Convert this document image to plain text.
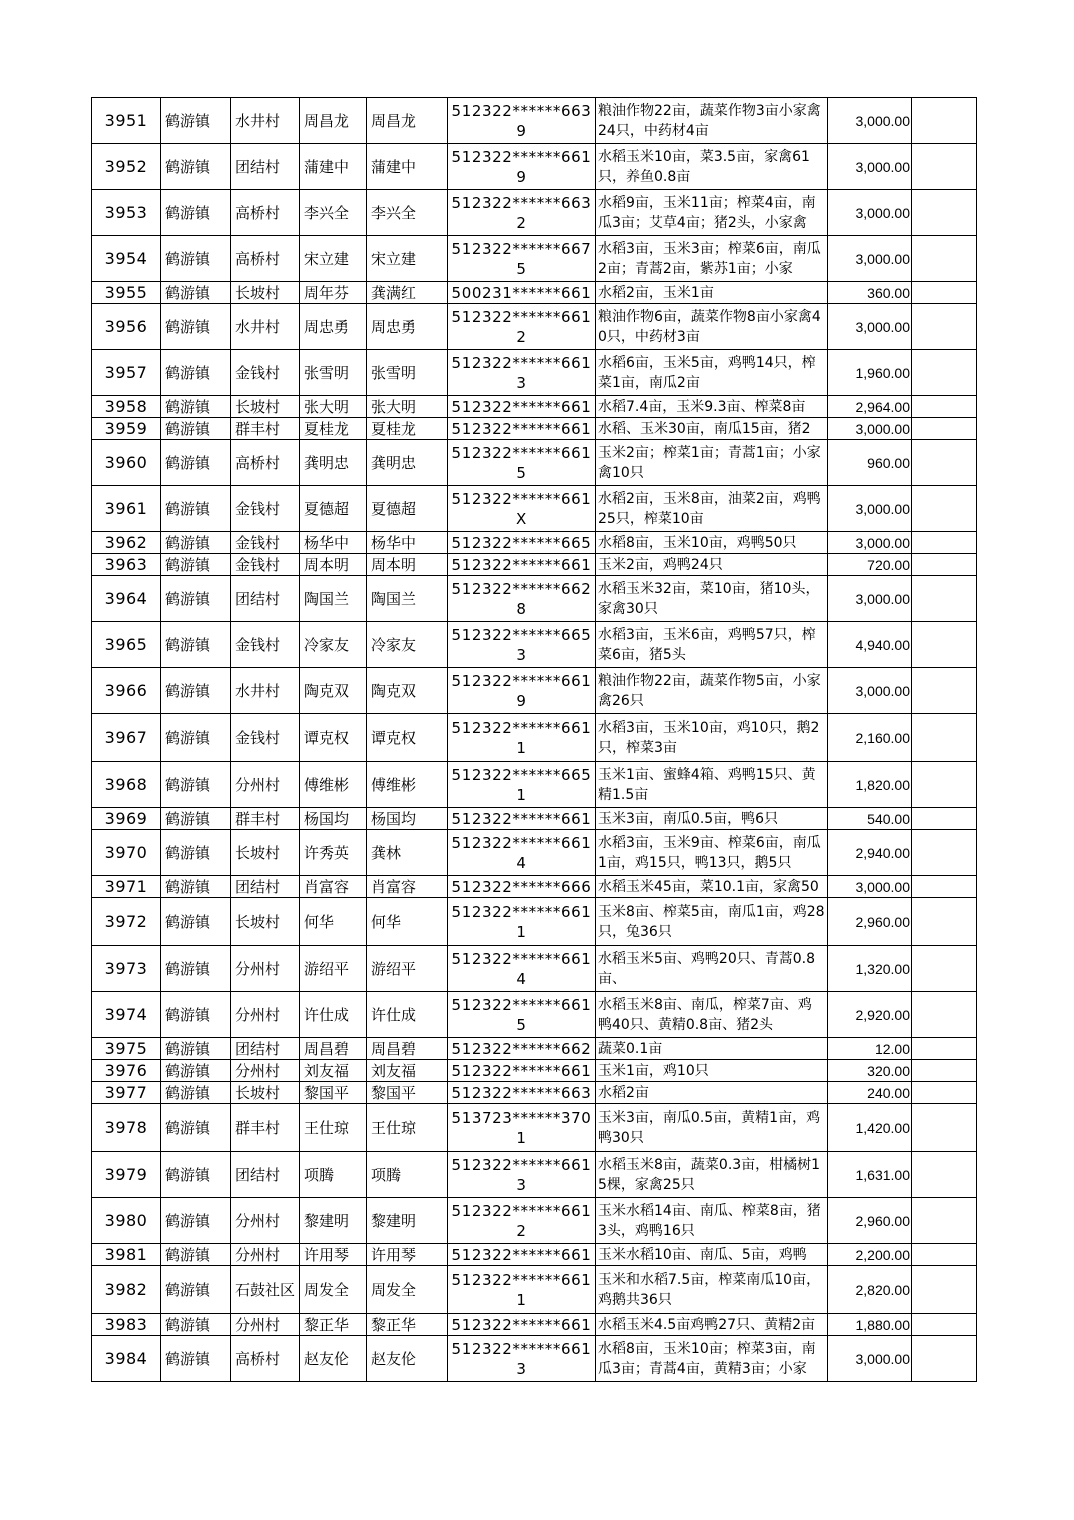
3951	鹤游镇	水井村	周昌龙	周昌龙	512322******6639	粮油作物22亩，蔬菜作物3亩小家禽24只，中药材4亩	3,000.00	
3952	鹤游镇	团结村	蒲建中	蒲建中	512322******6619	水稻玉米10亩，菜3.5亩，家禽61只，养鱼0.8亩	3,000.00	
3953	鹤游镇	高桥村	李兴全	李兴全	512322******6632	水稻9亩，玉米11亩；榨菜4亩，南瓜3亩；艾草4亩；猪2头，小家禽	3,000.00	
3954	鹤游镇	高桥村	宋立建	宋立建	512322******6675	水稻3亩，玉米3亩；榨菜6亩，南瓜2亩；青蒿2亩，紫苏1亩；小家	3,000.00	
3955	鹤游镇	长坡村	周年芬	龚满红	500231******661	水稻2亩，玉米1亩	360.00	
3956	鹤游镇	水井村	周忠勇	周忠勇	512322******6612	粮油作物6亩，蔬菜作物8亩小家禽40只，中药材3亩	3,000.00	
3957	鹤游镇	金钱村	张雪明	张雪明	512322******6613	水稻6亩，玉米5亩，鸡鸭14只，榨菜1亩，南瓜2亩	1,960.00	
3958	鹤游镇	长坡村	张大明	张大明	512322******661	水稻7.4亩，玉米9.3亩、榨菜8亩	2,964.00	
3959	鹤游镇	群丰村	夏桂龙	夏桂龙	512322******661	水稻、玉米30亩，南瓜15亩，猪2	3,000.00	
3960	鹤游镇	高桥村	龚明忠	龚明忠	512322******6615	玉米2亩；榨菜1亩；青蒿1亩；小家禽10只	960.00	
3961	鹤游镇	金钱村	夏德超	夏德超	512322******661X	水稻2亩，玉米8亩，油菜2亩，鸡鸭25只，榨菜10亩	3,000.00	
3962	鹤游镇	金钱村	杨华中	杨华中	512322******665	水稻8亩，玉米10亩，鸡鸭50只	3,000.00	
3963	鹤游镇	金钱村	周本明	周本明	512322******661	玉米2亩，鸡鸭24只	720.00	
3964	鹤游镇	团结村	陶国兰	陶国兰	512322******6628	水稻玉米32亩，菜10亩，猪10头，家禽30只	3,000.00	
3965	鹤游镇	金钱村	冷家友	冷家友	512322******6653	水稻3亩，玉米6亩，鸡鸭57只，榨菜6亩，猪5头	4,940.00	
3966	鹤游镇	水井村	陶克双	陶克双	512322******6619	粮油作物22亩，蔬菜作物5亩，小家禽26只	3,000.00	
3967	鹤游镇	金钱村	谭克权	谭克权	512322******6611	水稻3亩，玉米10亩，鸡10只，鹅2只，榨菜3亩	2,160.00	
3968	鹤游镇	分州村	傅维彬	傅维彬	512322******6651	玉米1亩、蜜蜂4箱、鸡鸭15只、黄精1.5亩	1,820.00	
3969	鹤游镇	群丰村	杨国均	杨国均	512322******661	玉米3亩，南瓜0.5亩，鸭6只	540.00	
3970	鹤游镇	长坡村	许秀英	龚林	512322******6614	水稻3亩，玉米9亩、榨菜6亩，南瓜1亩，鸡15只，鸭13只，鹅5只	2,940.00	
3971	鹤游镇	团结村	肖富容	肖富容	512322******666	水稻玉米45亩，菜10.1亩，家禽50	3,000.00	
3972	鹤游镇	长坡村	何华	何华	512322******6611	玉米8亩、榨菜5亩，南瓜1亩，鸡28只，兔36只	2,960.00	
3973	鹤游镇	分州村	游绍平	游绍平	512322******6614	水稻玉米5亩、鸡鸭20只、青蒿0.8亩、	1,320.00	
3974	鹤游镇	分州村	许仕成	许仕成	512322******6615	水稻玉米8亩、南瓜，榨菜7亩、鸡鸭40只、黄精0.8亩、猪2头	2,920.00	
3975	鹤游镇	团结村	周昌碧	周昌碧	512322******662	蔬菜0.1亩	12.00	
3976	鹤游镇	分州村	刘友福	刘友福	512322******661	玉米1亩，鸡10只	320.00	
3977	鹤游镇	长坡村	黎国平	黎国平	512322******663	水稻2亩	240.00	
3978	鹤游镇	群丰村	王仕琼	王仕琼	513723******3701	玉米3亩，南瓜0.5亩，黄精1亩，鸡鸭30只	1,420.00	
3979	鹤游镇	团结村	项腾	项腾	512322******6613	水稻玉米8亩，蔬菜0.3亩，柑橘树15棵，家禽25只	1,631.00	
3980	鹤游镇	分州村	黎建明	黎建明	512322******6612	玉米水稻14亩、南瓜、榨菜8亩，猪3头，鸡鸭16只	2,960.00	
3981	鹤游镇	分州村	许用琴	许用琴	512322******661	玉米水稻10亩、南瓜、5亩，鸡鸭	2,200.00	
3982	鹤游镇	石鼓社区	周发全	周发全	512322******6611	玉米和水稻7.5亩，榨菜南瓜10亩，鸡鹅共36只	2,820.00	
3983	鹤游镇	分州村	黎正华	黎正华	512322******661	水稻玉米4.5亩鸡鸭27只、黄精2亩	1,880.00	
3984	鹤游镇	高桥村	赵友伦	赵友伦	512322******6613	水稻8亩，玉米10亩；榨菜3亩，南瓜3亩；青蒿4亩，黄精3亩；小家	3,000.00	
